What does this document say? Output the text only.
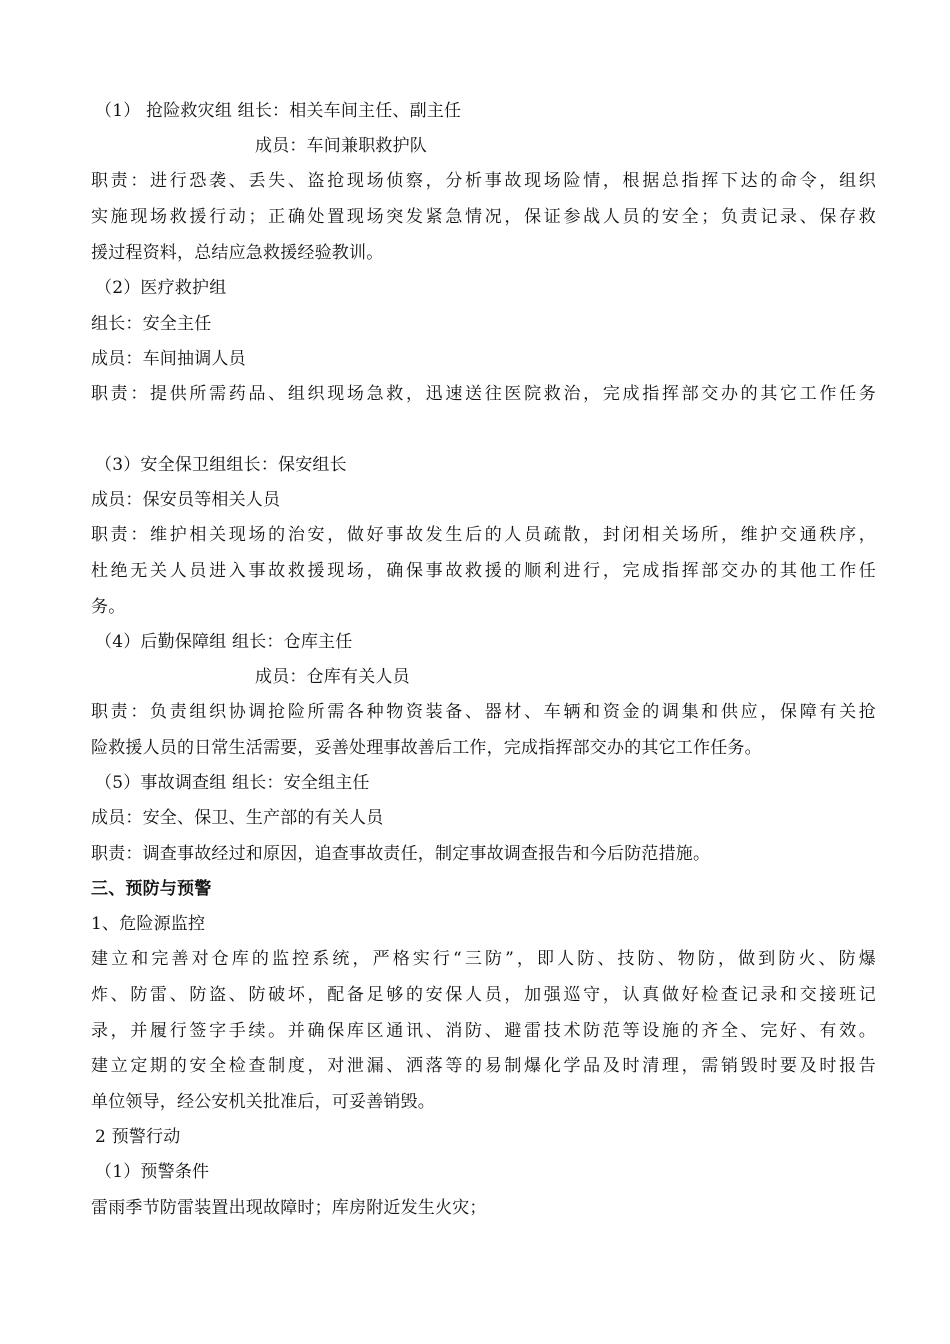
（1） 抢险救灾组 组长：相关车间主任、副主任
成员：车间兼职救护队
职责：进行恐袭、丢失、盗抢现场侦察，分析事故现场险情，根据总指挥下达的命令，组织
实施现场救援行动；正确处置现场突发紧急情况，保证参战人员的安全；负责记录、保存救
援过程资料，总结应急救援经验教训。
（2）医疗救护组
组长：安全主任
成员：车间抽调人员
职责：提供所需药品、组织现场急救，迅速送往医院救治，完成指挥部交办的其它工作任务
（3）安全保卫组组长：保安组长
成员：保安员等相关人员
职责：维护相关现场的治安，做好事故发生后的人员疏散，封闭相关场所，维护交通秩序，
杜绝无关人员进入事故救援现场，确保事故救援的顺利进行，完成指挥部交办的其他工作任
务。
（4）后勤保障组 组长：仓库主任
成员：仓库有关人员
职责：负责组织协调抢险所需各种物资装备、器材、车辆和资金的调集和供应，保障有关抢
险救援人员的日常生活需要，妥善处理事故善后工作，完成指挥部交办的其它工作任务。
（5）事故调查组 组长：安全组主任
成员：安全、保卫、生产部的有关人员
职责：调查事故经过和原因，追查事故责任，制定事故调查报告和今后防范措施。
三、预防与预警
1、危险源监控
建立和完善对仓库的监控系统，严格实行“三防”，即人防、技防、物防，做到防火、防爆
炸、防雷、防盗、防破坏，配备足够的安保人员，加强巡守，认真做好检查记录和交接班记
录，并履行签字手续。并确保库区通讯、消防、避雷技术防范等设施的齐全、完好、有效。
建立定期的安全检查制度，对泄漏、洒落等的易制爆化学品及时清理，需销毁时要及时报告
单位领导，经公安机关批准后，可妥善销毁。
2 预警行动
（1）预警条件
雷雨季节防雷装置出现故障时；库房附近发生火灾；
